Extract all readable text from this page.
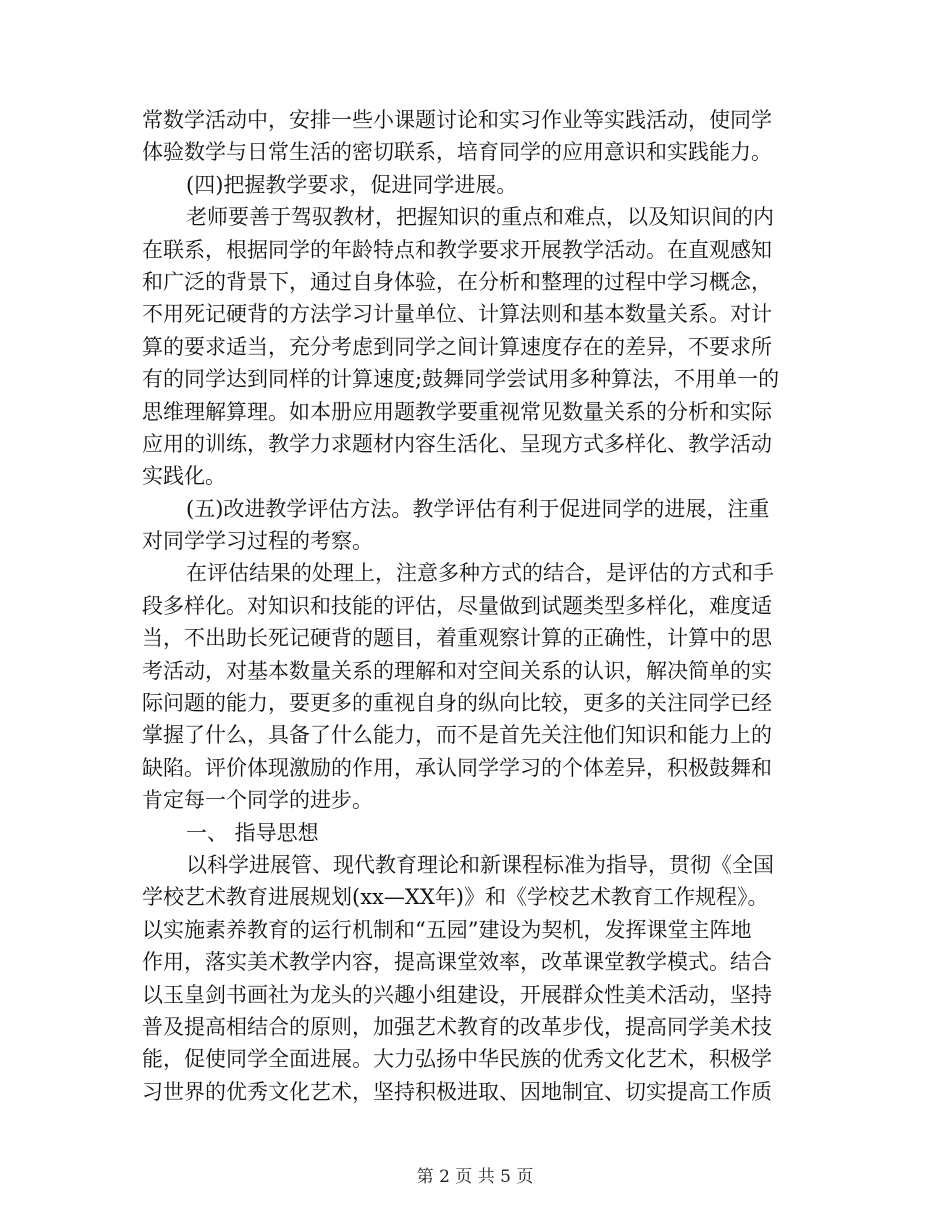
常数学活动中，安排一些小课题讨论和实习作业等实践活动，使同学
体验数学与日常生活的密切联系，培育同学的应用意识和实践能力。
(四)把握教学要求，促进同学进展。
老师要善于驾驭教材，把握知识的重点和难点，以及知识间的内
在联系，根据同学的年龄特点和教学要求开展教学活动。在直观感知
和广泛的背景下，通过自身体验，在分析和整理的过程中学习概念，
不用死记硬背的方法学习计量单位、计算法则和基本数量关系。对计
算的要求适当，充分考虑到同学之间计算速度存在的差异，不要求所
有的同学达到同样的计算速度;鼓舞同学尝试用多种算法，不用单一的
思维理解算理。如本册应用题教学要重视常见数量关系的分析和实际
应用的训练，教学力求题材内容生活化、呈现方式多样化、教学活动
实践化。
(五)改进教学评估方法。教学评估有利于促进同学的进展，注重
对同学学习过程的考察。
在评估结果的处理上，注意多种方式的结合，是评估的方式和手
段多样化。对知识和技能的评估，尽量做到试题类型多样化，难度适
当，不出助长死记硬背的题目，着重观察计算的正确性，计算中的思
考活动，对基本数量关系的理解和对空间关系的认识，解决简单的实
际问题的能力，要更多的重视自身的纵向比较，更多的关注同学已经
掌握了什么，具备了什么能力，而不是首先关注他们知识和能力上的
缺陷。评价体现激励的作用，承认同学学习的个体差异，积极鼓舞和
肯定每一个同学的进步。
一、 指导思想
以科学进展管、现代教育理论和新课程标准为指导，贯彻《全国
学校艺术教育进展规划(xx—XX年)》和《学校艺术教育工作规程》。
以实施素养教育的运行机制和“五园”建设为契机，发挥课堂主阵地
作用，落实美术教学内容，提高课堂效率，改革课堂教学模式。结合
以玉皇剑书画社为龙头的兴趣小组建设，开展群众性美术活动，坚持
普及提高相结合的原则，加强艺术教育的改革步伐，提高同学美术技
能，促使同学全面进展。大力弘扬中华民族的优秀文化艺术，积极学
习世界的优秀文化艺术，坚持积极进取、因地制宜、切实提高工作质
第 2 页 共 5 页
